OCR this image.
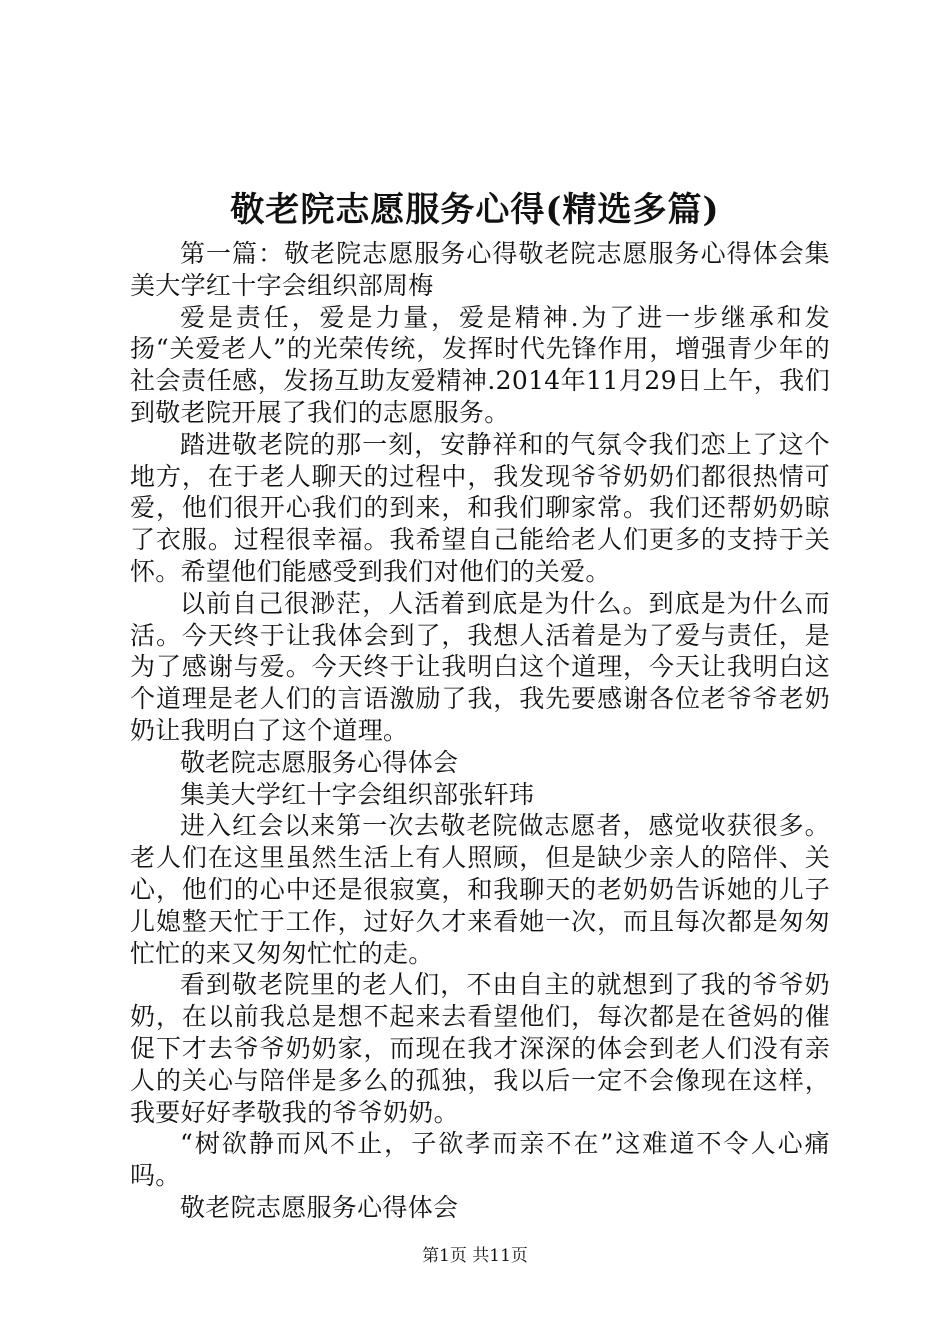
敬老院志愿服务心得(精选多篇)

第一篇：敬老院志愿服务心得敬老院志愿服务心得体会集美大学红十字会组织部周梅

爱是责任，爱是力量，爱是精神.为了进一步继承和发扬“关爱老人”的光荣传统，发挥时代先锋作用，增强青少年的社会责任感，发扬互助友爱精神.2014年11月29日上午，我们到敬老院开展了我们的志愿服务。

踏进敬老院的那一刻，安静祥和的气氛令我们恋上了这个地方，在于老人聊天的过程中，我发现爷爷奶奶们都很热情可爱，他们很开心我们的到来，和我们聊家常。我们还帮奶奶晾了衣服。过程很幸福。我希望自己能给老人们更多的支持于关怀。希望他们能感受到我们对他们的关爱。

以前自己很渺茫，人活着到底是为什么。到底是为什么而活。今天终于让我体会到了，我想人活着是为了爱与责任，是为了感谢与爱。今天终于让我明白这个道理，今天让我明白这个道理是老人们的言语激励了我，我先要感谢各位老爷爷老奶奶让我明白了这个道理。

敬老院志愿服务心得体会

集美大学红十字会组织部张轩玮

进入红会以来第一次去敬老院做志愿者，感觉收获很多。老人们在这里虽然生活上有人照顾，但是缺少亲人的陪伴、关心，他们的心中还是很寂寞，和我聊天的老奶奶告诉她的儿子儿媳整天忙于工作，过好久才来看她一次，而且每次都是匆匆忙忙的来又匆匆忙忙的走。

看到敬老院里的老人们，不由自主的就想到了我的爷爷奶奶，在以前我总是想不起来去看望他们，每次都是在爸妈的催促下才去爷爷奶奶家，而现在我才深深的体会到老人们没有亲人的关心与陪伴是多么的孤独，我以后一定不会像现在这样，我要好好孝敬我的爷爷奶奶。

“树欲静而风不止，子欲孝而亲不在”这难道不令人心痛吗。

敬老院志愿服务心得体会

第1页 共11页
